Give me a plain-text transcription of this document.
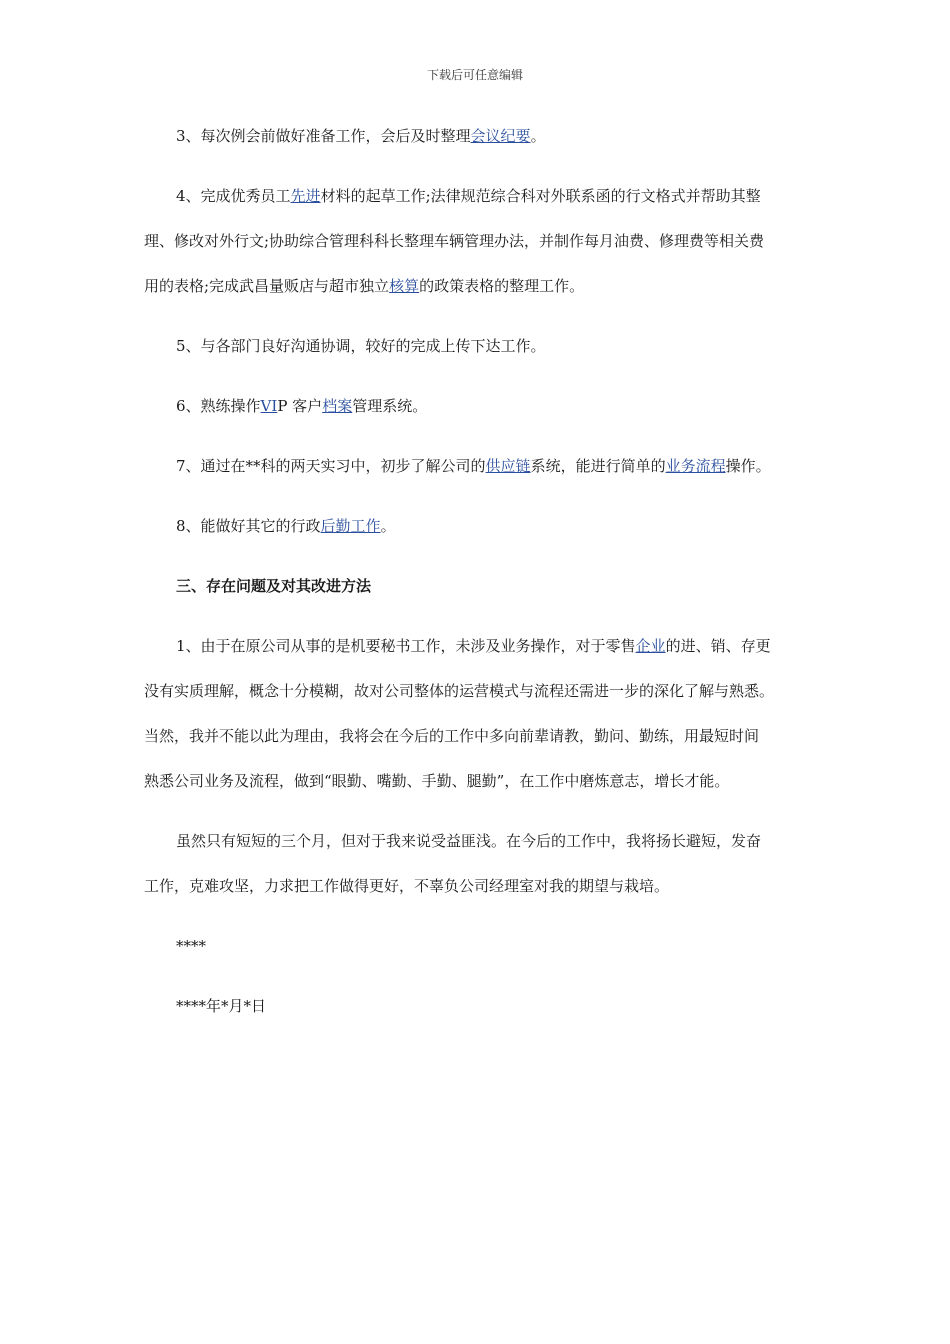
下载后可任意编辑
3、每次例会前做好准备工作，会后及时整理会议纪要。
4、完成优秀员工先进材料的起草工作;法律规范综合科对外联系函的行文格式并帮助其整
理、修改对外行文;协助综合管理科科长整理车辆管理办法，并制作每月油费、修理费等相关费
用的表格;完成武昌量贩店与超市独立核算的政策表格的整理工作。
5、与各部门良好沟通协调，较好的完成上传下达工作。
6、熟练操作VIP 客户档案管理系统。
7、通过在**科的两天实习中，初步了解公司的供应链系统，能进行简单的业务流程操作。
8、能做好其它的行政后勤工作。
三、存在问题及对其改进方法
1、由于在原公司从事的是机要秘书工作，未涉及业务操作，对于零售企业的进、销、存更
没有实质理解，概念十分模糊，故对公司整体的运营模式与流程还需进一步的深化了解与熟悉。
当然，我并不能以此为理由，我将会在今后的工作中多向前辈请教，勤问、勤练，用最短时间
熟悉公司业务及流程，做到“眼勤、嘴勤、手勤、腿勤”，在工作中磨炼意志，增长才能。
虽然只有短短的三个月，但对于我来说受益匪浅。在今后的工作中，我将扬长避短，发奋
工作，克难攻坚，力求把工作做得更好，不辜负公司经理室对我的期望与栽培。
****
****年*月*日
